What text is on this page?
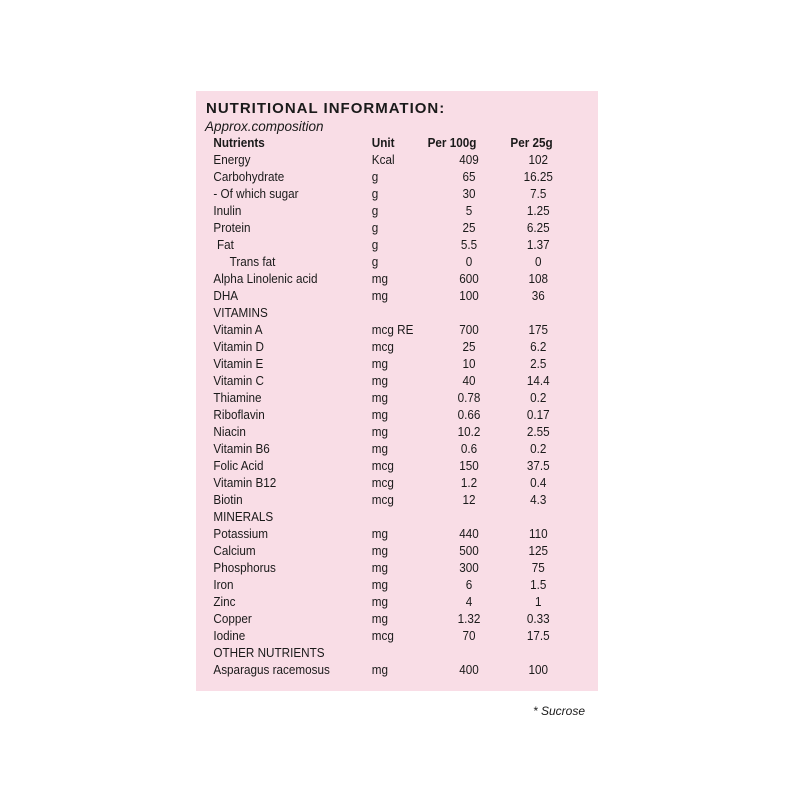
NUTRITIONAL INFORMATION:

Approx.composition

Nutrients	Unit	Per 100g	Per 25g
Energy	Kcal	409	102
Carbohydrate	g	65	16.25
- Of which sugar	g	30	7.5
Inulin	g	5	1.25
Protein	g	25	6.25
Fat	g	5.5	1.37
Trans fat	g	0	0
Alpha Linolenic acid	mg	600	108
DHA	mg	100	36
VITAMINS			
Vitamin A	mcg RE	700	175
Vitamin D	mcg	25	6.2
Vitamin E	mg	10	2.5
Vitamin C	mg	40	14.4
Thiamine	mg	0.78	0.2
Riboflavin	mg	0.66	0.17
Niacin	mg	10.2	2.55
Vitamin B6	mg	0.6	0.2
Folic Acid	mcg	150	37.5
Vitamin B12	mcg	1.2	0.4
Biotin	mcg	12	4.3
MINERALS			
Potassium	mg	440	110
Calcium	mg	500	125
Phosphorus	mg	300	75
Iron	mg	6	1.5
Zinc	mg	4	1
Copper	mg	1.32	0.33
Iodine	mcg	70	17.5
OTHER NUTRIENTS			
Asparagus racemosus	mg	400	100

* Sucrose
